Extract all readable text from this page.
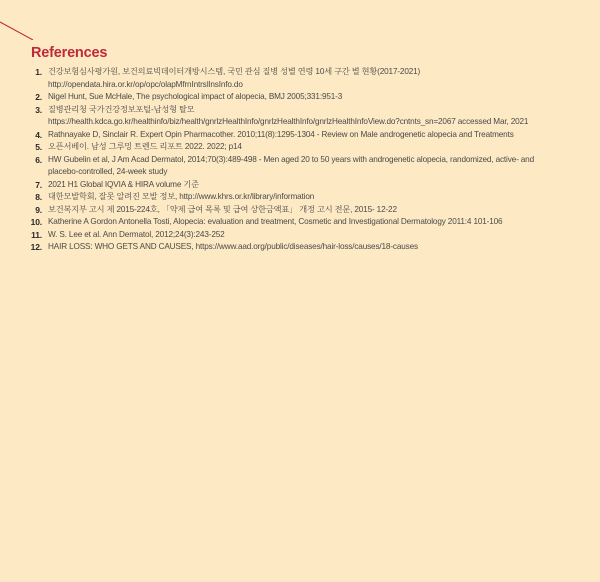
References
1. 건강보험심사평가원, 보건의료빅데이터개방시스템, 국민 관심 질병 성별 연령 10세 구간 별 현황(2017-2021)
http://opendata.hira.or.kr/op/opc/olapMfrnIntrsIlnsInfo.do
2. Nigel Hunt, Sue McHale, The psychological impact of alopecia, BMJ 2005;331:951-3
3. 질병관리청 국가건강정보포털-남성형 탈모
https://health.kdca.go.kr/healthinfo/biz/health/gnrlzHealthInfo/gnrlzHealthInfo/gnrlzHealthInfoView.do?cntnts_sn=2067 accessed Mar, 2021
4. Rathnayake D, Sinclair R. Expert Opin Pharmacother. 2010;11(8):1295-1304 - Review on Male androgenetic alopecia and Treatments
5. 오픈서베이. 남성 그루밍 트렌드 리포트 2022. 2022; p14
6. HW Gubelin et al, J Am Acad Dermatol, 2014;70(3):489-498 - Men aged 20 to 50 years with androgenetic alopecia, randomized, active- and
placebo-controlled, 24-week study
7. 2021 H1 Global IQVIA & HIRA volume 기준
8. 대한모발학회, 잘못 알려진 모발 정보, http://www.khrs.or.kr/library/information
9. 보건복지부 고시 제 2015-224호, 「약제 급여 목록 및 급여 상한금액표」 개정 고시 전문, 2015- 12-22
10. Katherine A Gordon Antonella Tosti, Alopecia: evaluation and treatment, Cosmetic and Investigational Dermatology 2011:4 101-106
11. W. S. Lee et al. Ann Dermatol, 2012;24(3):243-252
12. HAIR LOSS: WHO GETS AND CAUSES, https://www.aad.org/public/diseases/hair-loss/causes/18-causes
